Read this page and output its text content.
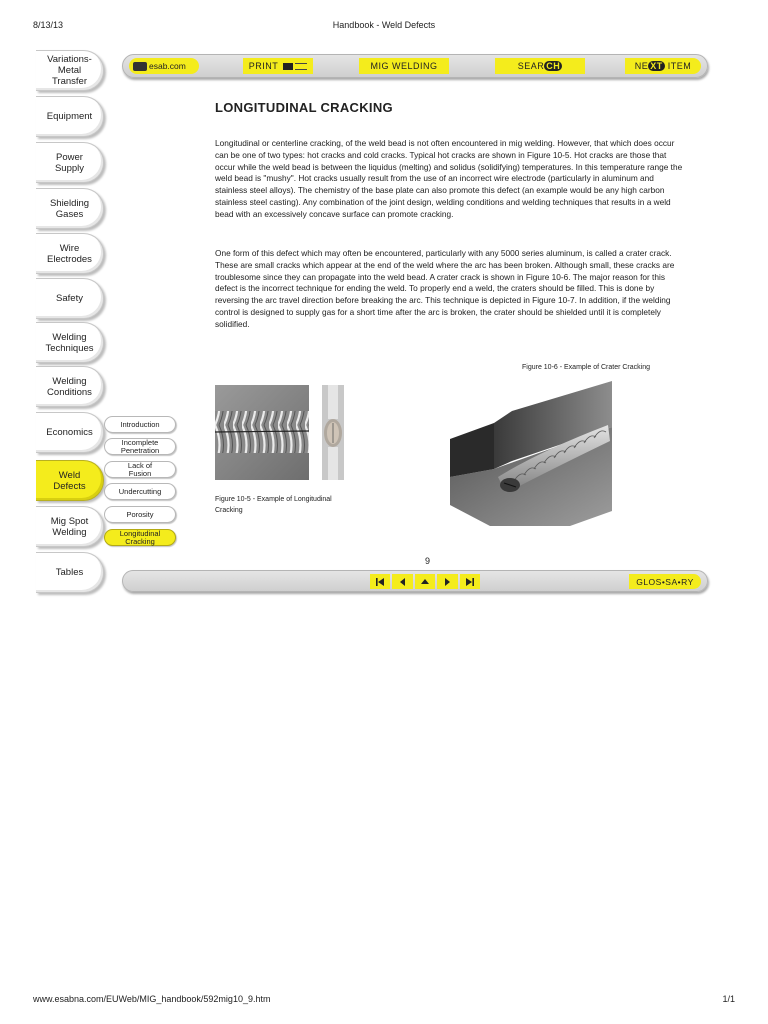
8/13/13	Handbook - Weld Defects
Variations-
Metal
Transfer
Equipment
Power
Supply
Shielding
Gases
Wire
Electrodes
Safety
Welding
Techniques
Welding
Conditions
Economics
Weld
Defects
Mig Spot
Welding
Tables
Introduction
Incomplete
Penetration
Lack of
Fusion
Undercutting
Porosity
Longitudinal
Cracking
esab.com	PRINT	MIG WELDING	SEAR CH	NE XT ITEM
LONGITUDINAL CRACKING
Longitudinal or centerline cracking, of the weld bead is not often encountered in mig welding. However, that which does occur can be one of two types: hot cracks and cold cracks. Typical hot cracks are shown in Figure 10-5. Hot cracks are those that occur while the weld bead is between the liquidus (melting) and solidus (solidifying) temperatures. In this temperature range the weld bead is "mushy". Hot cracks usually result from the use of an incorrect wire electrode (particularly in aluminum and stainless steel alloys). The chemistry of the base plate can also promote this defect (an example would be any high carbon stainless steel casting). Any combination of the joint design, welding conditions and welding techniques that results in a weld bead with an excessively concave surface can promote cracking.
One form of this defect which may often be encountered, particularly with any 5000 series aluminum, is called a crater crack. These are small cracks which appear at the end of the weld where the arc has been broken. Although small, these cracks are troublesome since they can propagate into the weld bead. A crater crack is shown in Figure 10-6. The major reason for this defect is the incorrect technique for ending the weld. To properly end a weld, the craters should be filled. This is done by reversing the arc travel direction before breaking the arc. This technique is depicted in Figure 10-7. In addition, if the welding control is designed to supply gas for a short time after the arc is broken, the crater should be shielded until it is completely solidified.
Figure 10-6 - Example of Crater Cracking
Figure 10-5 - Example of Longitudinal
Cracking
9
GLOS•SA•RY
www.esabna.com/EUWeb/MIG_handbook/592mig10_9.htm	1/1
